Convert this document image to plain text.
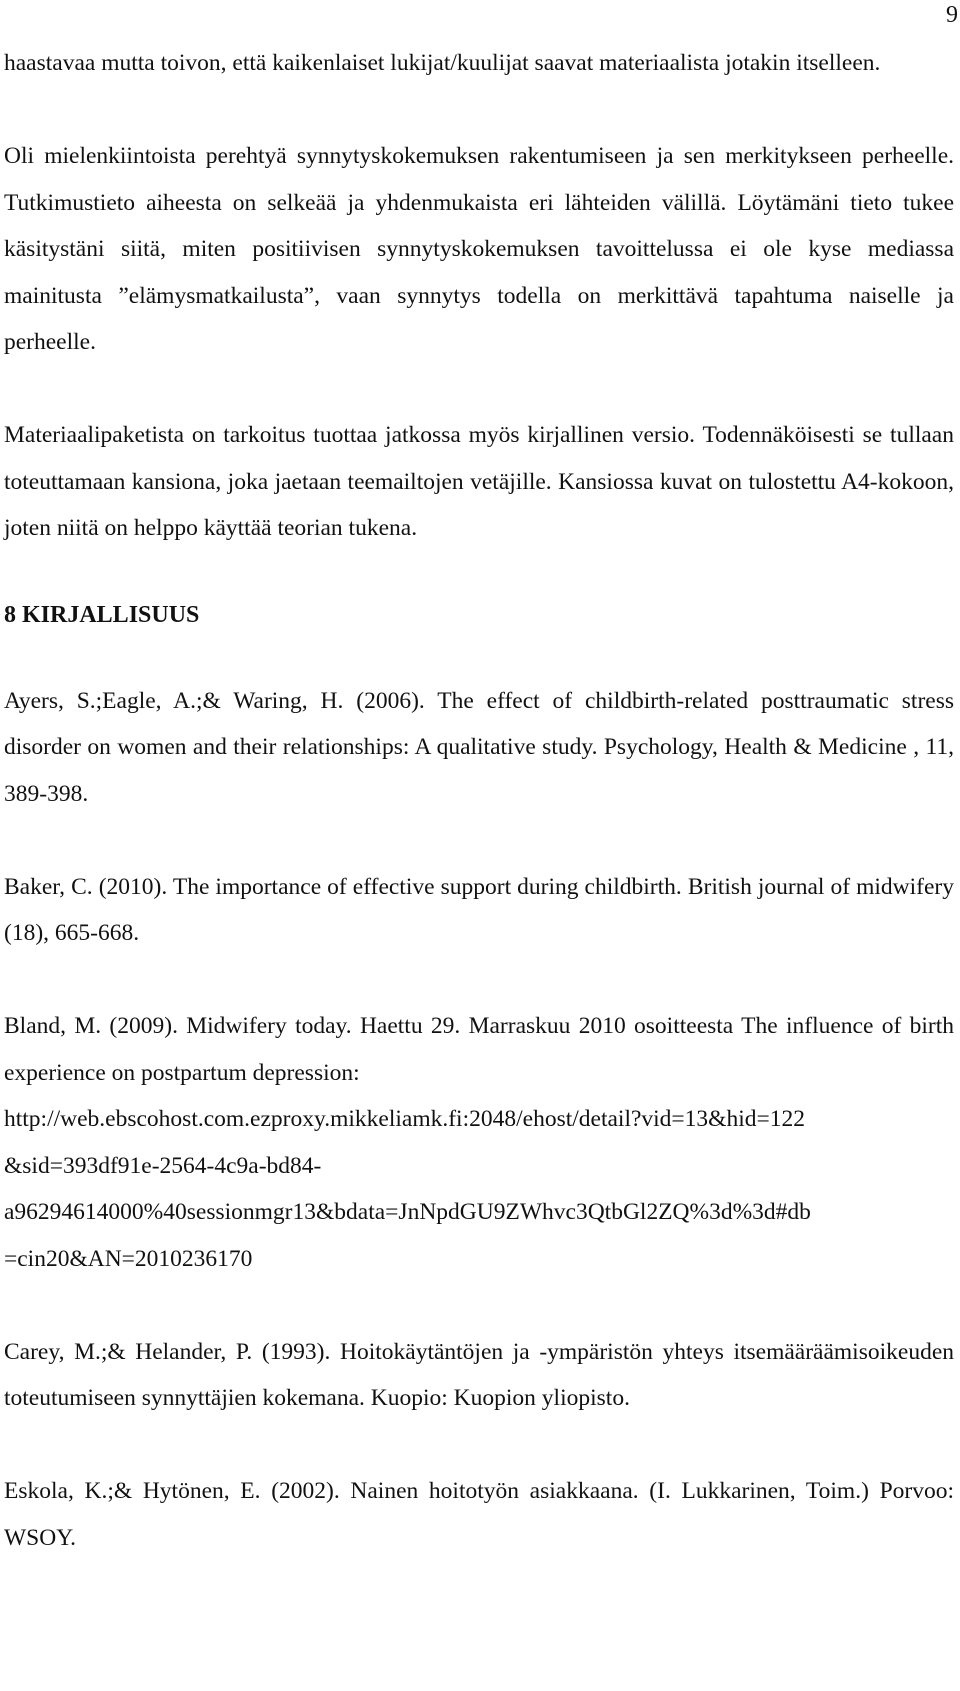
9

haastavaa mutta toivon, että kaikenlaiset lukijat/kuulijat saavat materiaalista jotakin itselleen.

Oli mielenkiintoista perehtyä synnytyskokemuksen rakentumiseen ja sen merkitykseen perheelle. Tutkimustieto aiheesta on selkeää ja yhdenmukaista eri lähteiden välillä. Löytämäni tieto tukee käsitystäni siitä, miten positiivisen synnytyskokemuksen tavoittelussa ei ole kyse mediassa mainitusta ”elämysmatkailusta”, vaan synnytys todella on merkittävä tapahtuma naiselle ja perheelle.

Materiaalipaketista on tarkoitus tuottaa jatkossa myös kirjallinen versio. Todennäköisesti se tullaan toteuttamaan kansiona, joka jaetaan teemailtojen vetäjille. Kansiossa kuvat on tulostettu A4-kokoon, joten niitä on helppo käyttää teorian tukena.

8 KIRJALLISUUS

Ayers, S.;Eagle, A.;& Waring, H. (2006). The effect of childbirth-related posttraumatic stress disorder on women and their relationships: A qualitative study. Psychology, Health & Medicine , 11, 389-398.

Baker, C. (2010). The importance of effective support during childbirth. British journal of midwifery (18), 665-668.

Bland, M. (2009). Midwifery today. Haettu 29. Marraskuu 2010 osoitteesta The influence of birth experience on postpartum depression:

http://web.ebscohost.com.ezproxy.mikkeliamk.fi:2048/ehost/detail?vid=13&hid=122

&sid=393df91e-2564-4c9a-bd84-

a96294614000%40sessionmgr13&bdata=JnNpdGU9ZWhvc3QtbGl2ZQ%3d%3d#db

=cin20&AN=2010236170

Carey, M.;& Helander, P. (1993). Hoitokäytäntöjen ja -ympäristön yhteys itsemääräämisoikeuden toteutumiseen synnyttäjien kokemana. Kuopio: Kuopion yliopisto.

Eskola, K.;& Hytönen, E. (2002). Nainen hoitotyön asiakkaana. (I. Lukkarinen, Toim.) Porvoo: WSOY.
